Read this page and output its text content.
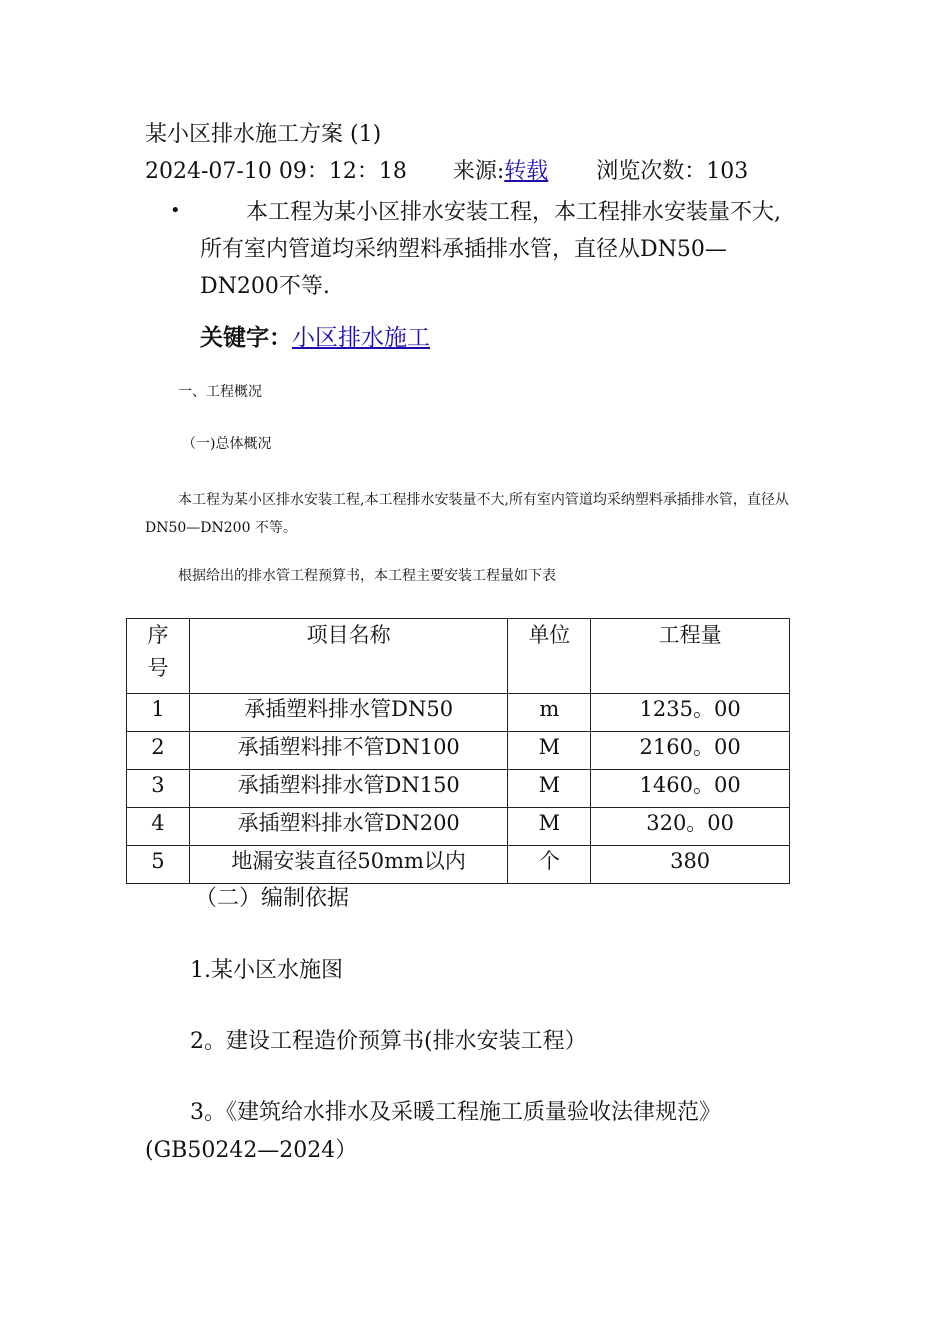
某小区排水施工方案 (1)
2024-07-10 09：12：18 来源:转载 浏览次数：103
•	本工程为某小区排水安装工程，本工程排水安装量不大,所有室内管道均采纳塑料承插排水管，直径从DN50—DN200不等.
关键字：小区排水施工
一、工程概况
（一)总体概况
本工程为某小区排水安装工程,本工程排水安装量不大,所有室内管道均采纳塑料承插排水管，直径从 DN50—DN200 不等。
根据给出的排水管工程预算书，本工程主要安装工程量如下表
序号	项目名称	单位	工程量
1	承插塑料排水管DN50	m	1235。00
2	承插塑料排不管DN100	M	2160。00
3	承插塑料排水管DN150	M	1460。00
4	承插塑料排水管DN200	M	320。00
5	地漏安装直径50mm以内	个	380
（二）编制依据
1.某小区水施图
2。建设工程造价预算书(排水安装工程）
3。《建筑给水排水及采暖工程施工质量验收法律规范》
(GB50242—2024）
